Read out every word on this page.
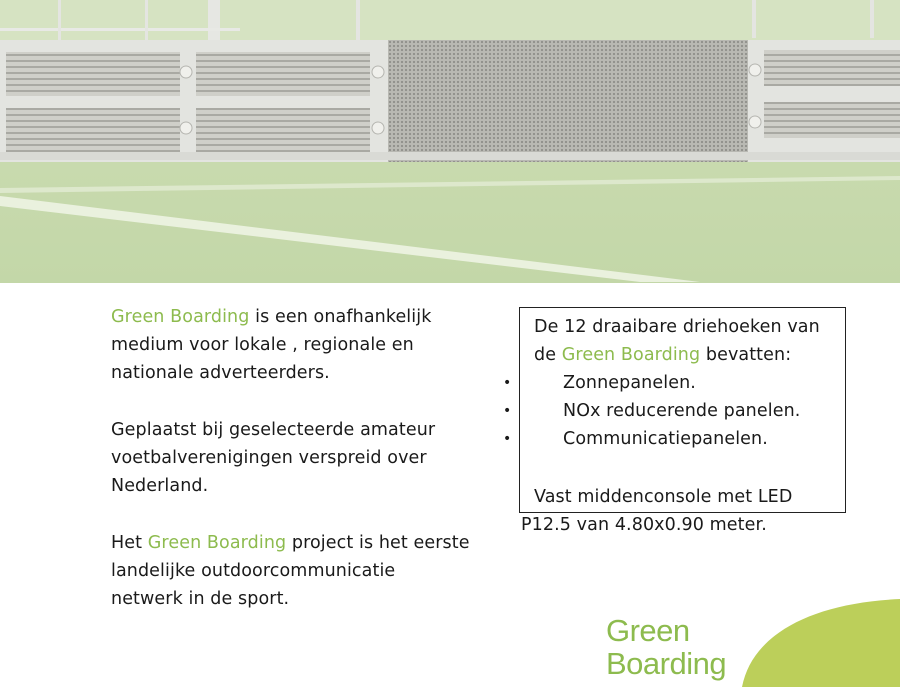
Green Boarding is een onafhankelijk medium voor lokale , regionale en nationale adverteerders.

Geplaatst bij geselecteerde amateur voetbalverenigingen verspreid over Nederland.

Het Green Boarding project is het eerste landelijke outdoorcommunicatie netwerk in de sport.

De 12 draaibare driehoeken van

de Green Boarding bevatten:

•	Zonnepanelen.
•	NOx reducerende panelen.
•	Communicatiepanelen.

Vast middenconsole met LED

P12.5 van 4.80x0.90 meter.

Green
Boarding
